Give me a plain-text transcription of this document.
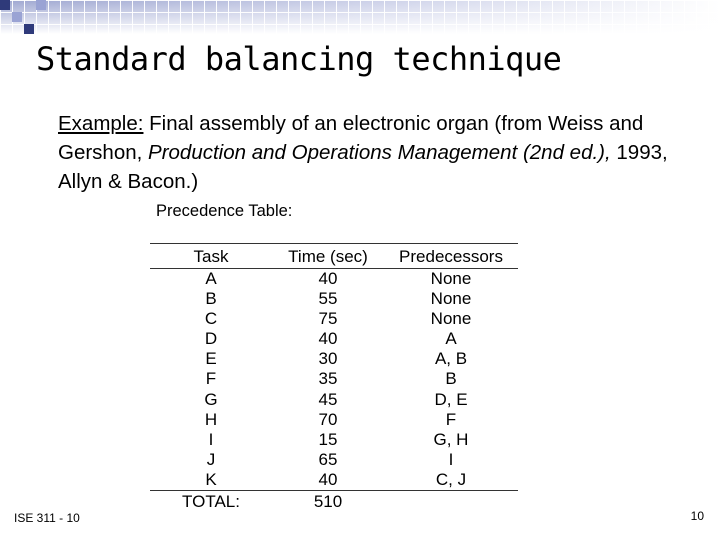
Standard balancing technique
Example: Final assembly of an electronic organ (from Weiss and Gershon, Production and Operations Management (2nd ed.), 1993, Allyn & Bacon.)
Precedence Table:
Task	Time (sec)	Predecessors
A	40	None
B	55	None
C	75	None
D	40	A
E	30	A, B
F	35	B
G	45	D, E
H	70	F
I	15	G, H
J	65	I
K	40	C, J
TOTAL:	510
ISE 311 - 10	10
